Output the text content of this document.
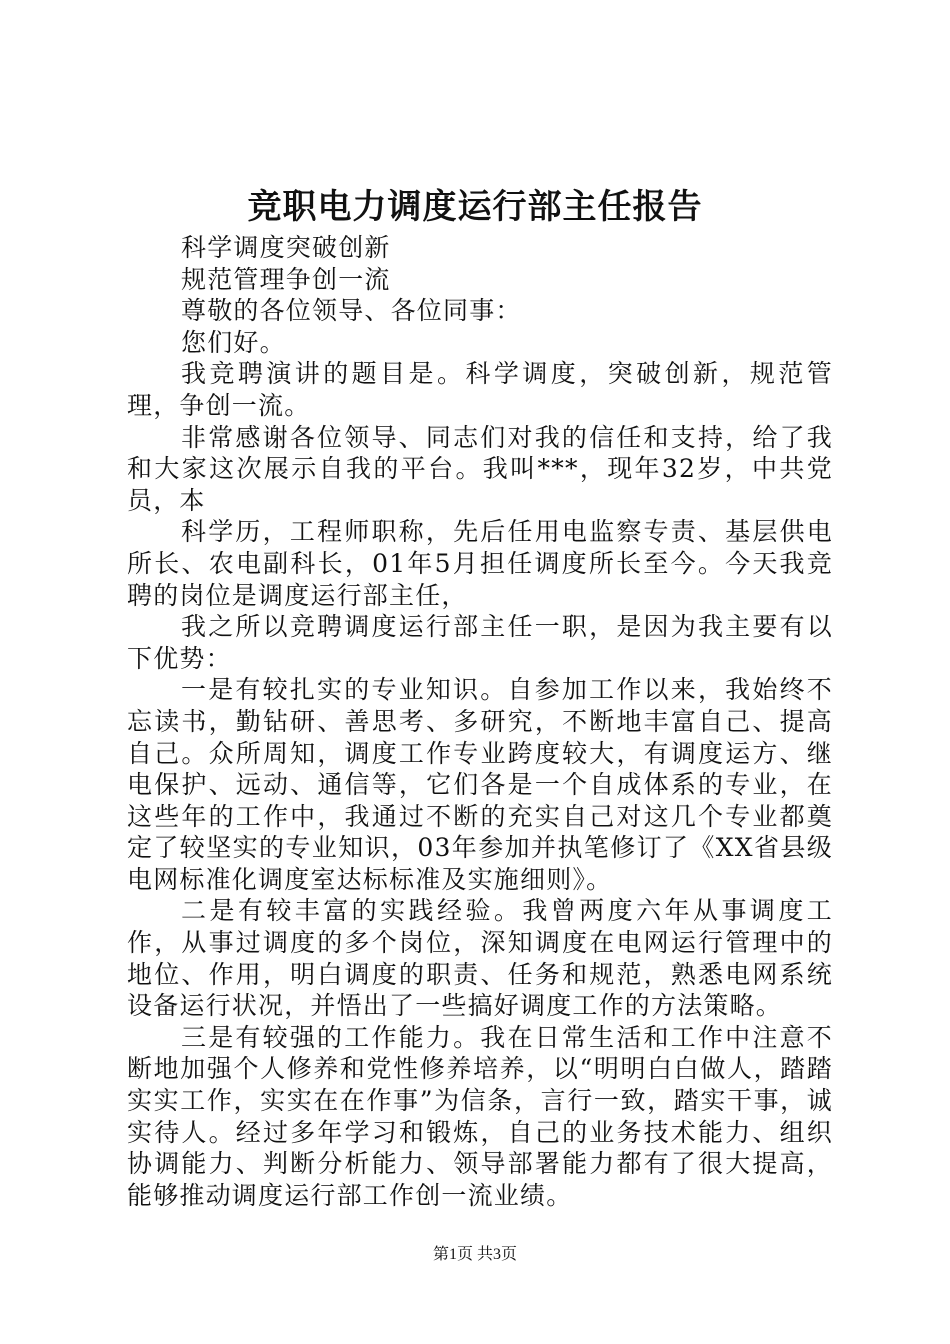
竞职电力调度运行部主任报告

科学调度突破创新

规范管理争创一流

尊敬的各位领导、各位同事：

您们好。

我竞聘演讲的题目是。科学调度，突破创新，规范管理，争创一流。

非常感谢各位领导、同志们对我的信任和支持，给了我和大家这次展示自我的平台。我叫***，现年32岁，中共党员，本

科学历，工程师职称，先后任用电监察专责、基层供电所长、农电副科长，01年5月担任调度所长至今。今天我竞聘的岗位是调度运行部主任，

我之所以竞聘调度运行部主任一职，是因为我主要有以下优势：

一是有较扎实的专业知识。自参加工作以来，我始终不忘读书，勤钻研、善思考、多研究，不断地丰富自己、提高自己。众所周知，调度工作专业跨度较大，有调度运方、继电保护、远动、通信等，它们各是一个自成体系的专业，在这些年的工作中，我通过不断的充实自己对这几个专业都奠定了较坚实的专业知识，03年参加并执笔修订了《XX省县级电网标准化调度室达标标准及实施细则》。

二是有较丰富的实践经验。我曾两度六年从事调度工作，从事过调度的多个岗位，深知调度在电网运行管理中的地位、作用，明白调度的职责、任务和规范，熟悉电网系统设备运行状况，并悟出了一些搞好调度工作的方法策略。

三是有较强的工作能力。我在日常生活和工作中注意不断地加强个人修养和党性修养培养，以“明明白白做人，踏踏实实工作，实实在在作事”为信条，言行一致，踏实干事，诚实待人。经过多年学习和锻炼，自己的业务技术能力、组织协调能力、判断分析能力、领导部署能力都有了很大提高，能够推动调度运行部工作创一流业绩。

第1页 共3页
